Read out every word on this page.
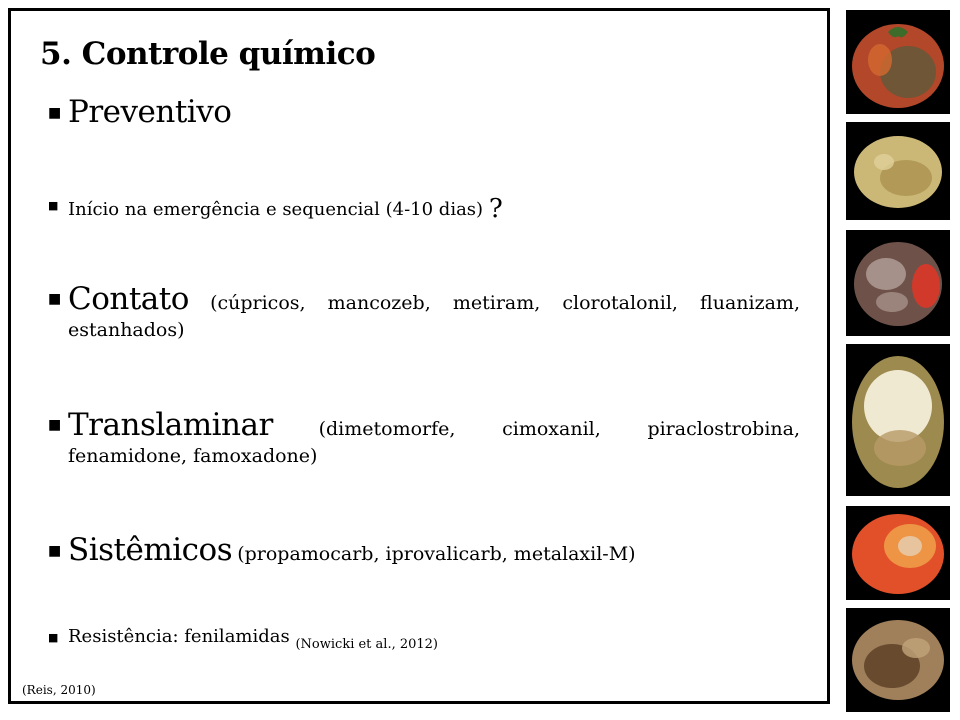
5. Controle químico
■ Preventivo
■ Início na emergência e sequencial (4-10 dias) ?
■ Contato (cúpricos, mancozeb, metiram, clorotalonil, fluanizam, estanhados)
■ Translaminar (dimetomorfe, cimoxanil, piraclostrobina, fenamidone, famoxadone)
■ Sistêmicos (propamocarb, iprovalicarb, metalaxil-M)
■ Resistência: fenilamidas $_{(Nowicki et al., 2012)}$
(Reis, 2010)
